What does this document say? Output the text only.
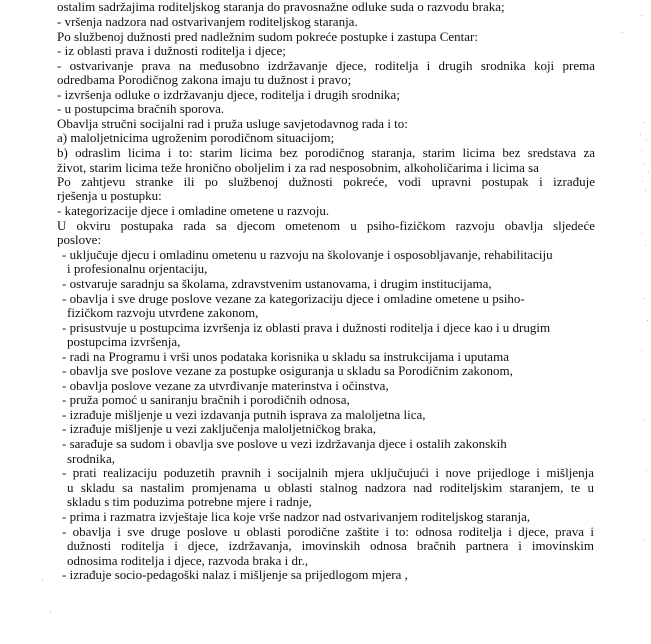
ostalim sadržajima roditeljskog staranja do pravosnažne odluke suda o razvodu braka;
- vršenja nadzora nad ostvarivanjem roditeljskog staranja.
Po službenoj dužnosti pred nadležnim sudom pokreće postupke i zastupa Centar:
- iz oblasti prava i dužnosti roditelja i djece;
- ostvarivanje prava na međusobno izdržavanje djece, roditelja i drugih srodnika koji prema
odredbama Porodičnog zakona imaju tu dužnost i pravo;
- izvršenja odluke o izdržavanju djece, roditelja i drugih srodnika;
- u postupcima bračnih sporova.
Obavlja stručni socijalni rad i pruža usluge savjetodavnog rada i to:
a) maloljetnicima ugroženim porodičnom situacijom;
b) odraslim licima i to: starim licima bez porodičnog staranja, starim licima bez sredstava za
život, starim licima teže hronično oboljelim i za rad nesposobnim, alkoholičarima i licima sa
Po zahtjevu stranke ili po službenoj dužnosti pokreće, vodi upravni postupak i izrađuje
rješenja u postupku:
- kategorizacije djece i omladine ometene u razvoju.
U okviru postupaka rada sa djecom ometenom u psiho-fizičkom razvoju obavlja sljedeće
poslove:
- uključuje djecu i omladinu ometenu u razvoju na školovanje i osposobljavanje, rehabilitaciju
i profesionalnu orjentaciju,
- ostvaruje saradnju sa školama, zdravstvenim ustanovama, i drugim institucijama,
- obavlja i sve druge poslove vezane za kategorizaciju djece i omladine ometene u psiho-
fizičkom razvoju utvrđene zakonom,
- prisustvuje u postupcima izvršenja iz oblasti prava i dužnosti roditelja i djece kao i u drugim
postupcima izvršenja,
- radi na Programu i vrši unos podataka korisnika u skladu sa instrukcijama i uputama
- obavlja sve poslove vezane za postupke osiguranja u skladu sa Porodičnim zakonom,
- obavlja poslove vezane za utvrđivanje materinstva i očinstva,
- pruža pomoć u saniranju bračnih i porodičnih odnosa,
- izrađuje mišljenje u vezi izdavanja putnih isprava za maloljetna lica,
- izrađuje mišljenje u vezi zaključenja maloljetničkog braka,
- sarađuje sa sudom i obavlja sve poslove u vezi izdržavanja djece i ostalih zakonskih
srodnika,
- prati realizaciju poduzetih pravnih i socijalnih mjera uključujući i nove prijedloge i mišljenja
u skladu sa nastalim promjenama u oblasti stalnog nadzora nad roditeljskim staranjem, te u
skladu s tim poduzima potrebne mjere i radnje,
- prima i razmatra izvještaje lica koje vrše nadzor nad ostvarivanjem roditeljskog staranja,
- obavlja i sve druge poslove u oblasti porodične zaštite i to: odnosa roditelja i djece, prava i
dužnosti roditelja i djece, izdržavanja, imovinskih odnosa bračnih partnera i imovinskim
odnosima roditelja i djece, razvoda braka i dr.,
- izrađuje socio-pedagoški nalaz i mišljenje sa prijedlogom mjera ,
